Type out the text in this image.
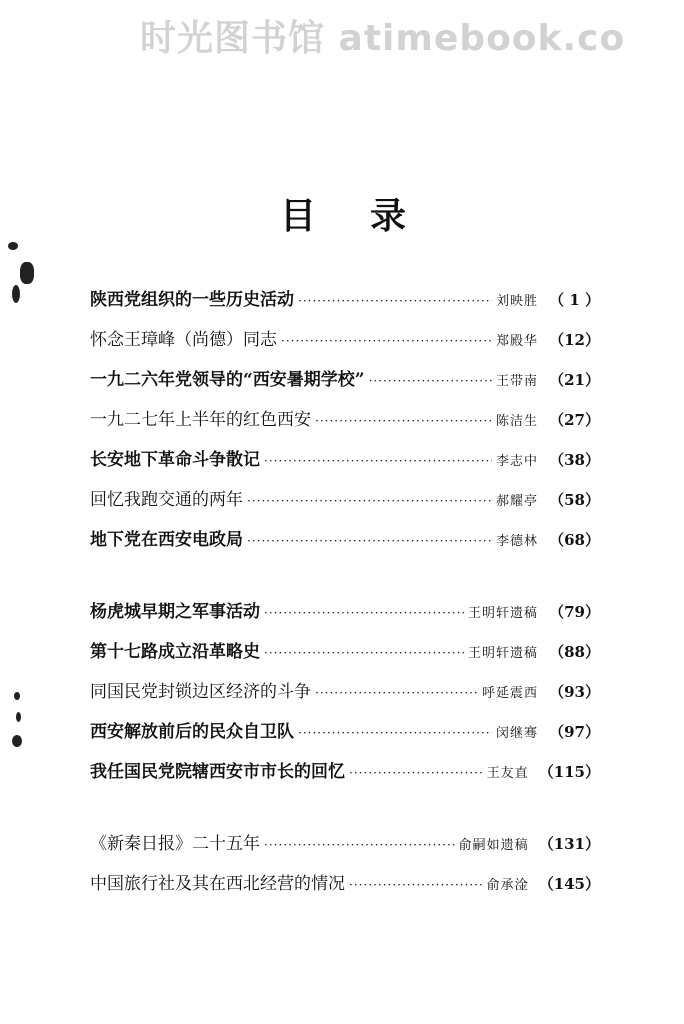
时光图书馆 atimebook.co
目录
陕西党组织的一些历史活动 ·····	刘映胜 （ 1 ）
怀念王璋峰（尚德）同志 ·····	郑殿华 （12）
一九二六年党领导的“西安暑期学校” ·····	王带南 （21）
一九二七年上半年的红色西安 ·····	陈洁生 （27）
长安地下革命斗争散记 ·····	李志中 （38）
回忆我跑交通的两年 ·····	郝耀亭 （58）
地下党在西安电政局 ·····	李德林 （68）
杨虎城早期之军事活动 ·····	王明轩遗稿 （79）
第十七路成立沿革略史 ·····	王明轩遗稿 （88）
同国民党封锁边区经济的斗争 ·····	呼延震西 （93）
西安解放前后的民众自卫队 ·····	闵继骞 （97）
我任国民党院辖西安市市长的回忆 ·····	王友直 （115）
《新秦日报》二十五年 ·····	俞嗣如遗稿 （131）
中国旅行社及其在西北经营的情况 ·····	俞承淦 （145）
